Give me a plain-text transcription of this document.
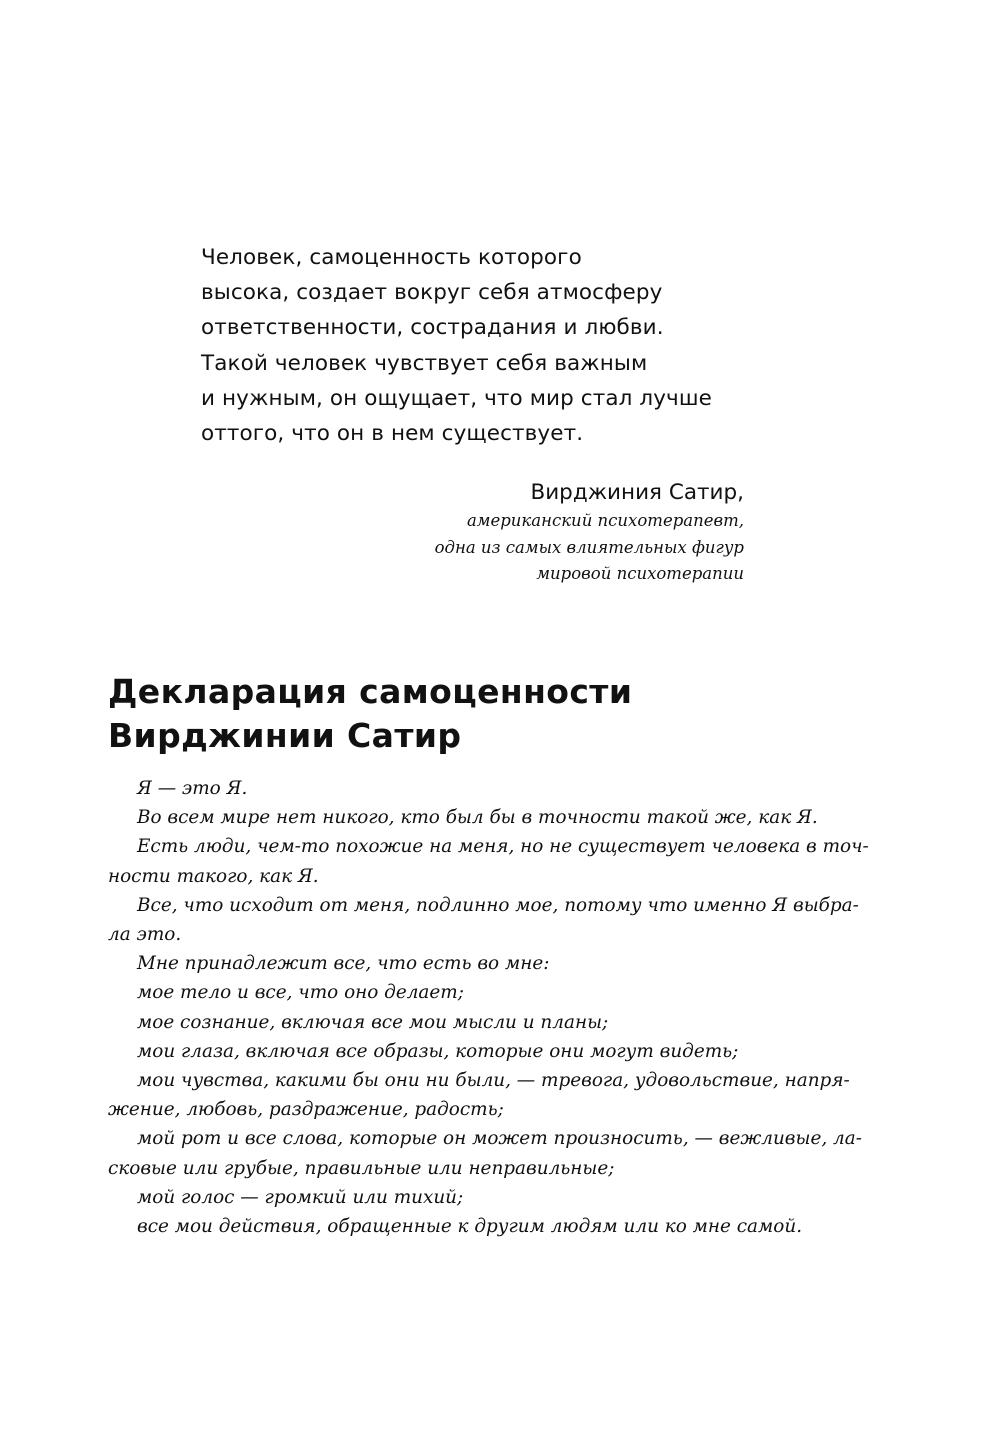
Человек, самоценность которого
высока, создает вокруг себя атмосферу
ответственности, сострадания и любви.
Такой человек чувствует себя важным
и нужным, он ощущает, что мир стал лучше
оттого, что он в нем существует.
Вирджиния Сатир,
американский психотерапевт,
одна из самых влиятельных фигур
мировой психотерапии
Декларация самоценности
Вирджинии Сатир
Я — это Я.
Во всем мире нет никого, кто был бы в точности такой же, как Я.
Есть люди, чем-то похожие на меня, но не существует человека в точ-
ности такого, как Я.
Все, что исходит от меня, подлинно мое, потому что именно Я выбра-
ла это.
Мне принадлежит все, что есть во мне:
мое тело и все, что оно делает;
мое сознание, включая все мои мысли и планы;
мои глаза, включая все образы, которые они могут видеть;
мои чувства, какими бы они ни были, — тревога, удовольствие, напря-
жение, любовь, раздражение, радость;
мой рот и все слова, которые он может произносить, — вежливые, ла-
сковые или грубые, правильные или неправильные;
мой голос — громкий или тихий;
все мои действия, обращенные к другим людям или ко мне самой.
